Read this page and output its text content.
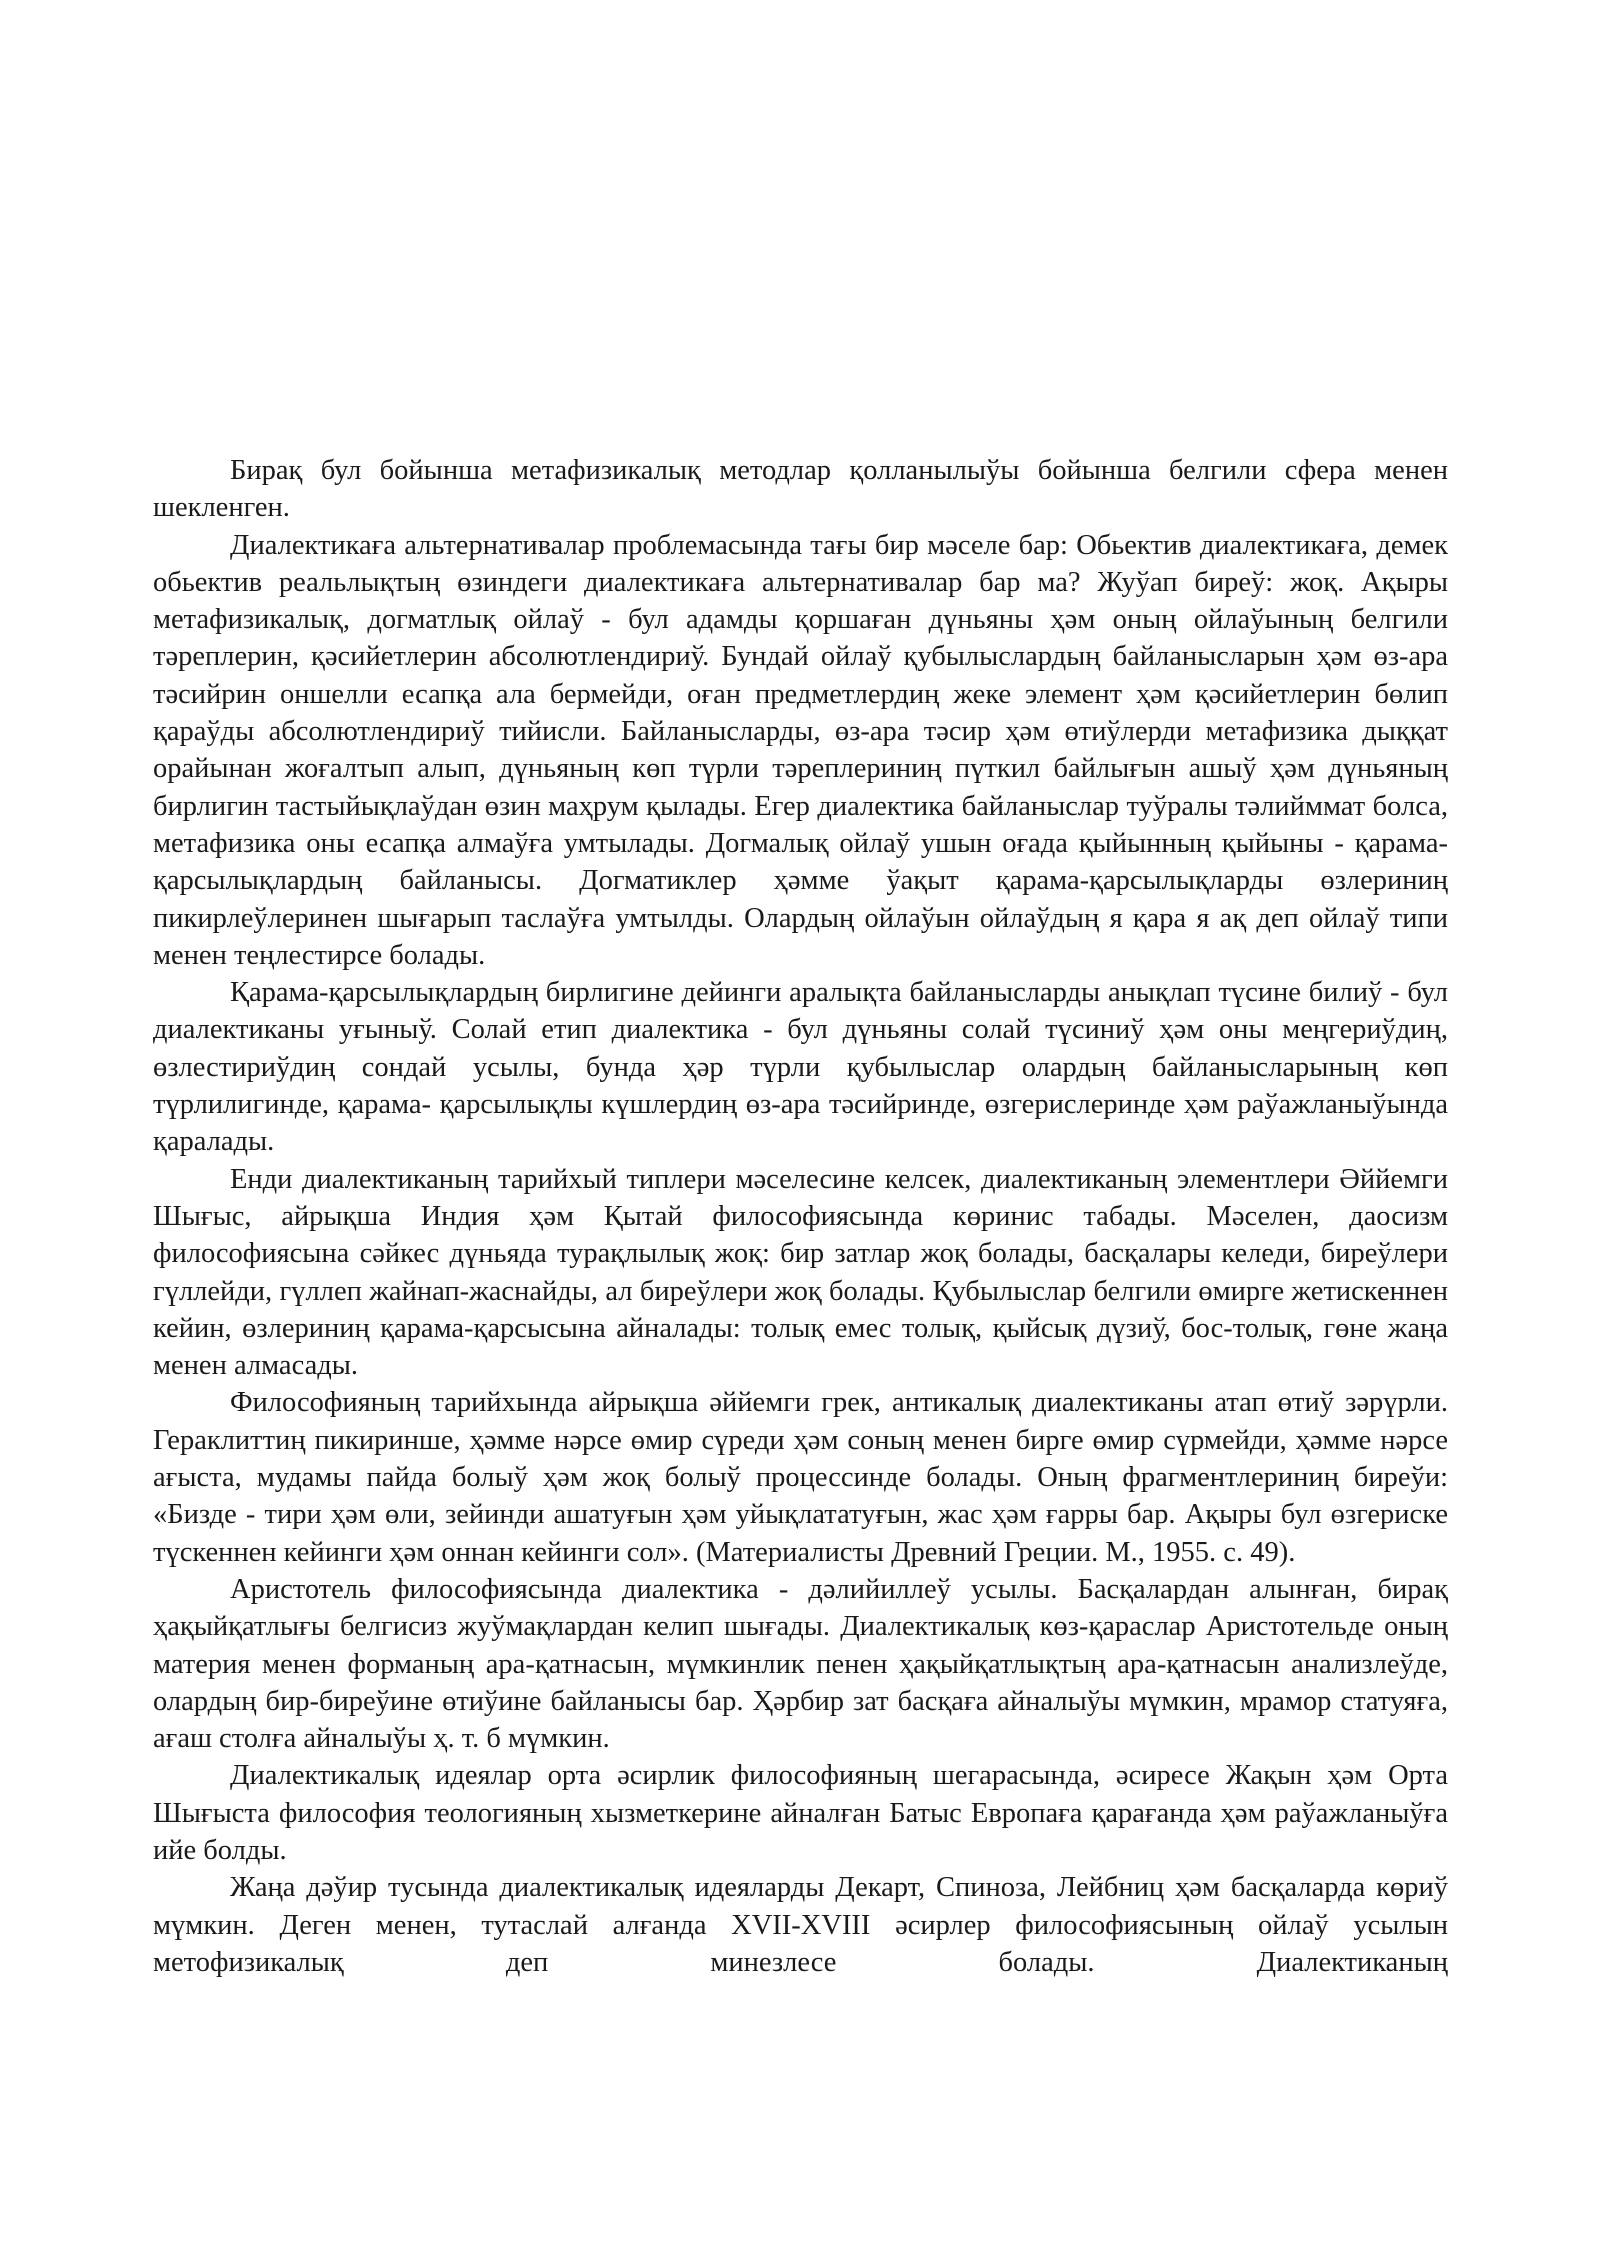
Бирақ бул бойынша метафизикалық методлар қолланылыўы бойынша белгили сфера менен шекленген.

Диалектикаға альтернативалар проблемасында тағы бир мәселе бар: Обьектив диалектикаға, демек обьектив реальлықтың өзиндеги диалектикаға альтернативалар бар ма? Жуўап биреў: жоқ. Ақыры метафизикалық, догматлық ойлаў - бул адамды қоршаған дүньяны ҳәм оның ойлаўының белгили тәреплерин, қәсийетлерин абсолютлендириў. Бундай ойлаў қубылыслардың байланысларын ҳәм өз-ара тәсийрин оншелли есапқа ала бермейди, оған предметлердиң жеке элемент ҳәм қәсийетлерин бөлип қараўды абсолютлендириў тийисли. Байланысларды, өз-ара тәсир ҳәм өтиўлерди метафизика дыққат орайынан жоғалтып алып, дүньяның көп түрли тәреплериниң пүткил байлығын ашыў ҳәм дүньяның бирлигин тастыйықлаўдан өзин маҳрум қылады. Егер диалектика байланыслар туўралы тәлийммат болса, метафизика оны есапқа алмаўға умтылады. Догмалық ойлаў ушын оғада қыйынның қыйыны - қарама-қарсылықлардың байланысы. Догматиклер ҳәмме ўақыт қарама-қарсылықларды өзлериниң пикирлеўлеринен шығарып таслаўға умтылды. Олардың ойлаўын ойлаўдың я қара я ақ деп ойлаў типи менен теңлестирсе болады.

Қарама-қарсылықлардың бирлигине дейинги аралықта байланысларды анықлап түсине билиў - бул диалектиканы уғыныў. Солай етип диалектика - бул дүньяны солай түсиниў ҳәм оны меңгериўдиң, өзлестириўдиң сондай усылы, бунда ҳәр түрли қубылыслар олардың байланысларының көп түрлилигинде, қарама- қарсылықлы күшлердиң өз-ара тәсийринде, өзгерислеринде ҳәм раўажланыўында қаралады.

Енди диалектиканың тарийхый типлери мәселесине келсек, диалектиканың элементлери Әййемги Шығыс, айрықша Индия ҳәм Қытай философиясында көринис табады. Мәселен, даосизм философиясына сәйкес дүньяда турақлылық жоқ: бир затлар жоқ болады, басқалары келеди, биреўлери гүллейди, гүллеп жайнап-жаснайды, ал биреўлери жоқ болады. Қубылыслар белгили өмирге жетискеннен кейин, өзлериниң қарама-қарсысына айналады: толық емес толық, қыйсық дүзиў, бос-толық, гөне жаңа менен алмасады.

Философияның тарийхында айрықша әййемги грек, антикалық диалектиканы атап өтиў зәрүрли. Гераклиттиң пикиринше, ҳәмме нәрсе өмир сүреди ҳәм соның менен бирге өмир сүрмейди, ҳәмме нәрсе ағыста, мудамы пайда болыў ҳәм жоқ болыў процессинде болады. Оның фрагментлериниң биреўи: «Бизде - тири ҳәм өли, зейинди ашатуғын ҳәм уйықлататуғын, жас ҳәм ғарры бар. Ақыры бул өзгериске түскеннен кейинги ҳәм оннан кейинги сол». (Материалисты Древний Греции. М., 1955. с. 49).

Аристотель философиясында диалектика - дәлийиллеў усылы. Басқалардан алынған, бирақ ҳақыйқатлығы белгисиз жуўмақлардан келип шығады. Диалектикалық көз-қараслар Аристотельде оның материя менен форманың ара-қатнасын, мүмкинлик пенен ҳақыйқатлықтың ара-қатнасын анализлеўде, олардың бир-биреўине өтиўине байланысы бар. Ҳәрбир зат басқаға айналыўы мүмкин, мрамор статуяға, ағаш столға айналыўы ҳ. т. б мүмкин.

Диалектикалық идеялар орта әсирлик философияның шегарасында, әсиресе Жақын ҳәм Орта Шығыста философия теологияның хызметкерине айналған Батыс Европаға қарағанда ҳәм раўажланыўға ийе болды.

Жаңа дәўир тусында диалектикалық идеяларды Декарт, Спиноза, Лейбниц ҳәм басқаларда көриў мүмкин. Деген менен, тутаслай алғанда XVII-XVIII әсирлер философиясының ойлаў усылын метофизикалық деп минезлесе болады. Диалектиканың
